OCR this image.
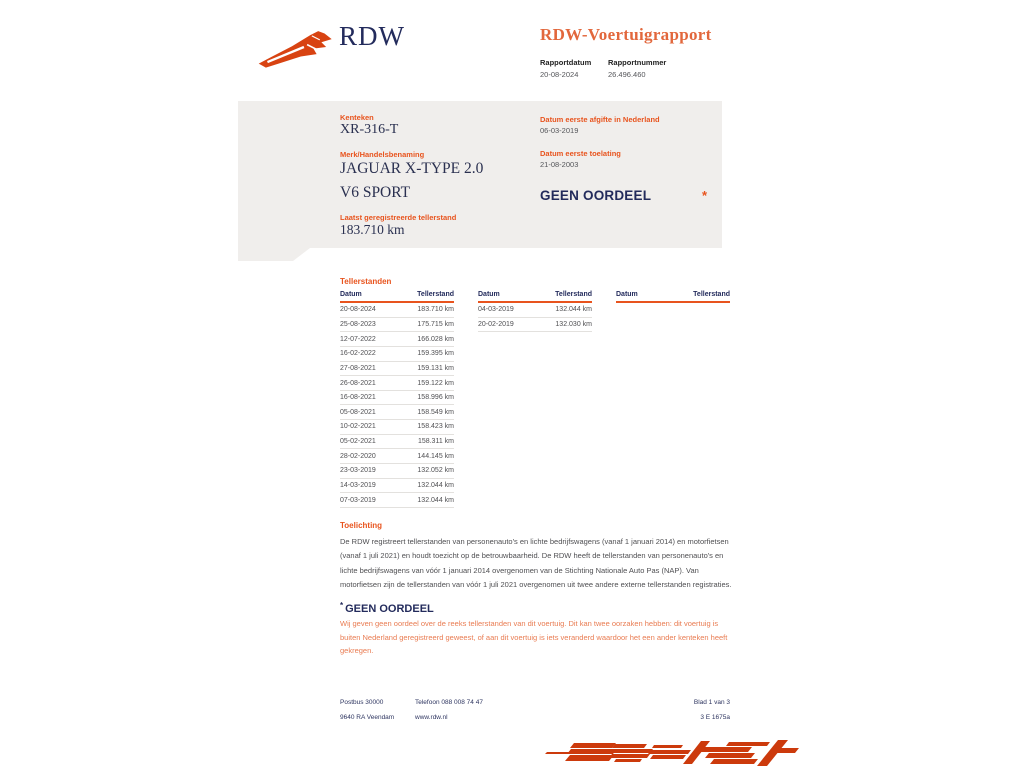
RDW	RDW-Voertuigrapport
Rapportdatum Rapportnummer
20-08-2024	26.496.460
Kenteken
XR-316-T
Merk/Handelsbenaming
JAGUAR X-TYPE 2.0
V6 SPORT
Laatst geregistreerde tellerstand
183.710 km
Datum eerste afgifte in Nederland
06-03-2019
Datum eerste toelating
21-08-2003
GEEN OORDEEL	*
Tellerstanden
Datum	Tellerstand
20-08-2024	183.710 km
25-08-2023	175.715 km
12-07-2022	166.028 km
16-02-2022	159.395 km
27-08-2021	159.131 km
26-08-2021	159.122 km
16-08-2021	158.996 km
05-08-2021	158.549 km
10-02-2021	158.423 km
05-02-2021	158.311 km
28-02-2020	144.145 km
23-03-2019	132.052 km
14-03-2019	132.044 km
07-03-2019	132.044 km
Datum	Tellerstand
04-03-2019	132.044 km
20-02-2019	132.030 km
Datum	Tellerstand
Toelichting
De RDW registreert tellerstanden van personenauto's en lichte bedrijfswagens (vanaf 1 januari 2014) en motorfietsen (vanaf 1 juli 2021) en houdt toezicht op de betrouwbaarheid. De RDW heeft de tellerstanden van personenauto's en lichte bedrijfswagens van vóór 1 januari 2014 overgenomen van de Stichting Nationale Auto Pas (NAP). Van motorfietsen zijn de tellerstanden van vóór 1 juli 2021 overgenomen uit twee andere externe tellerstanden registraties.
* GEEN OORDEEL
Wij geven geen oordeel over de reeks tellerstanden van dit voertuig. Dit kan twee oorzaken hebben: dit voertuig is buiten Nederland geregistreerd geweest, of aan dit voertuig is iets veranderd waardoor het een ander kenteken heeft gekregen.
Postbus 30000
9640 RA Veendam
Telefoon 088 008 74 47
www.rdw.nl
Blad 1 van 3
3 E 1675a
